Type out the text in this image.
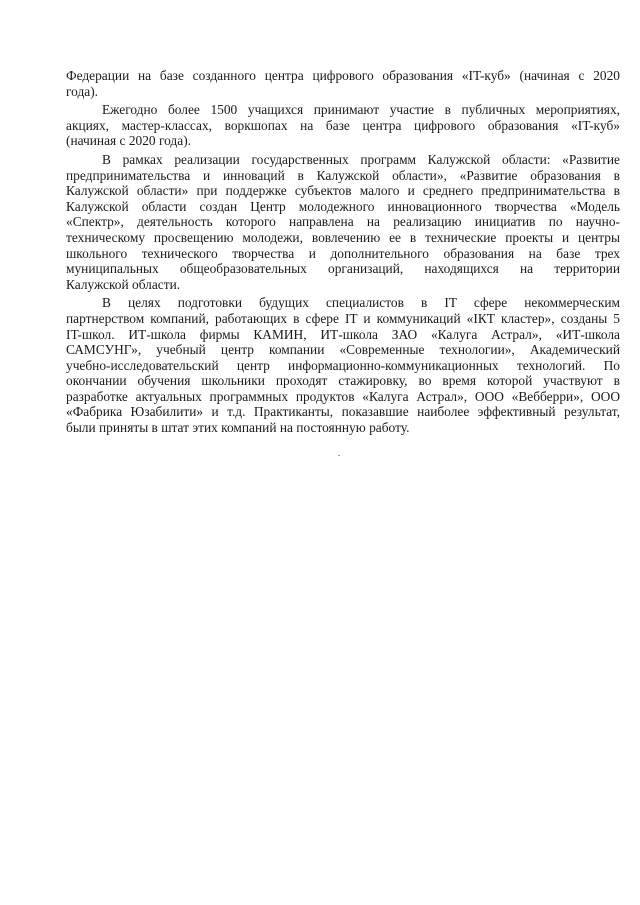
Федерации на базе созданного центра цифрового образования «IT-куб» (начиная с 2020
года).
Ежегодно более 1500 учащихся принимают участие в публичных мероприятиях,
акциях, мастер-классах, воркшопах на базе центра цифрового образования «IT-куб»
(начиная с 2020 года).
В рамках реализации государственных программ Калужской области: «Развитие
предпринимательства и инноваций в Калужской области», «Развитие образования в
Калужской области» при поддержке субъектов малого и среднего предпринимательства в
Калужской области создан Центр молодежного инновационного творчества «Модель
«Спектр», деятельность которого направлена на реализацию инициатив по научно-
техническому просвещению молодежи, вовлечению ее в технические проекты и центры
школьного технического творчества и дополнительного образования на базе трех
муниципальных общеобразовательных организаций, находящихся на территории
Калужской области.
В целях подготовки будущих специалистов в IT сфере некоммерческим
партнерством компаний, работающих в сфере IT и коммуникаций «IКТ кластер», созданы 5
IT-школ. ИТ-школа фирмы КАМИН, ИТ-школа ЗАО «Калуга Астрал», «ИТ-школа
САМСУНГ», учебный центр компании «Современные технологии», Академический
учебно-исследовательский центр информационно-коммуникационных технологий. По
окончании обучения школьники проходят стажировку, во время которой участвуют в
разработке актуальных программных продуктов «Калуга Астрал», ООО «Вебберри», ООО
«Фабрика Юзабилити» и т.д. Практиканты, показавшие наиболее эффективный результат,
были приняты в штат этих компаний на постоянную работу.
